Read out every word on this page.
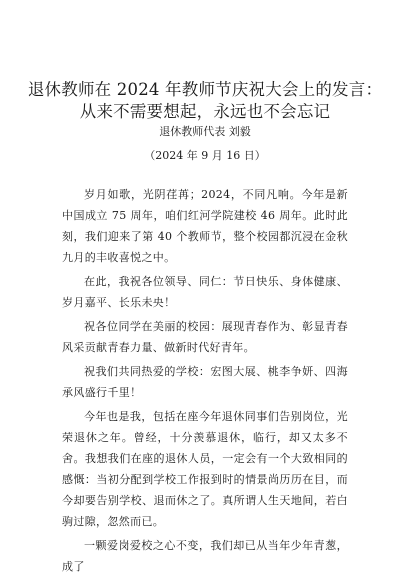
退休教师在 2024 年教师节庆祝大会上的发言：
从来不需要想起，永远也不会忘记
退休教师代表 刘毅
（2024 年 9 月 16 日）

岁月如歌，光阴荏苒；2024，不同凡响。今年是新中国成立 75 周年，咱们红河学院建校 46 周年。此时此刻，我们迎来了第 40 个教师节，整个校园都沉浸在金秋九月的丰收喜悦之中。

在此，我祝各位领导、同仁：节日快乐、身体健康、岁月嘉平、长乐未央！

祝各位同学在美丽的校园：展现青春作为、彰显青春风采贡献青春力量、做新时代好青年。

祝我们共同热爱的学校：宏图大展、桃李争妍、四海承风盛行千里！

今年也是我，包括在座今年退休同事们告别岗位，光荣退休之年。曾经，十分羡慕退休，临行，却又太多不舍。我想我们在座的退休人员，一定会有一个大致相同的感慨：当初分配到学校工作报到时的情景尚历历在目，而今却要告别学校、退而休之了。真所谓人生天地间，若白驹过隙，忽然而已。

一颗爱岗爱校之心不变，我们却已从当年少年青葱，成了
